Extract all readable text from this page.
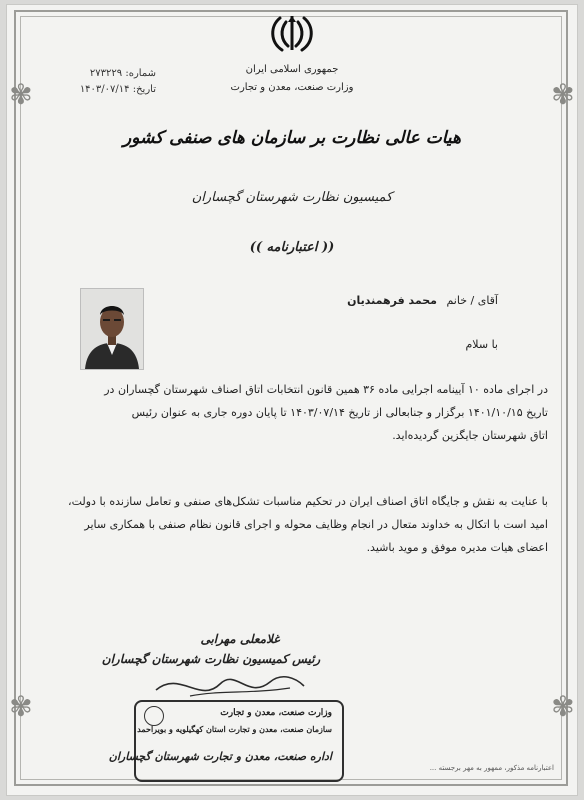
✾	✾
✾	✾
شماره: ۲۷۳۲۲۹
تاریخ: ۱۴۰۳/۰۷/۱۴
جمهوری اسلامی ایران
وزارت صنعت، معدن و تجارت
هیات عالی نظارت بر سازمان های صنفی کشور
کمیسیون نظارت شهرستان گچساران
(( اعتبارنامه ))
آقای / خانم محمد فرهمندیان
با سلام
در اجرای ماده ۱۰ آیینامه اجرایی ماده ۳۶ همین قانون انتخابات اتاق اصناف شهرستان گچساران در
تاریخ ۱۴۰۱/۱۰/۱۵ برگزار و جنابعالی از تاریخ ۱۴۰۳/۰۷/۱۴ تا پایان دوره جاری به عنوان رئیس
اتاق شهرستان جایگزین گردیده‌اید.
با عنایت به نقش و جایگاه اتاق اصناف ایران در تحکیم مناسبات تشکل‌های صنفی و تعامل سازنده با دولت،
امید است با اتکال به خداوند متعال در انجام وظایف محوله و اجرای قانون نظام صنفی با همکاری سایر
اعضای هیات مدیره موفق و موید باشید.
غلامعلی مهرابی
رئیس کمیسیون نظارت شهرستان گچساران
وزارت صنعت، معدن و تجارت
سازمان صنعت، معدن و تجارت استان کهگیلویه و بویراحمد
اداره صنعت، معدن و تجارت شهرستان گچساران
اعتبارنامه مذکور، ممهور به مهر برجسته ...
